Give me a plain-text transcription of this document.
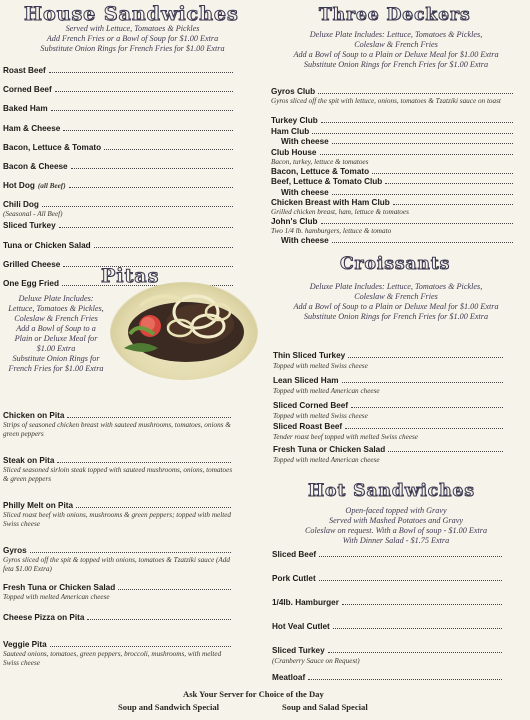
House Sandwiches
Served with Lettuce, Tomatoes & Pickles
Add French Fries or a Bowl of Soup for $1.00 Extra
Substitute Onion Rings for French Fries for $1.00 Extra
Roast Beef
Corned Beef
Baked Ham
Ham & Cheese
Bacon, Lettuce & Tomato
Bacon & Cheese
Hot Dog (all Beef)
Chili Dog
(Seasonal - All Beef)
Sliced Turkey
Tuna or Chicken Salad
Grilled Cheese
One Egg Fried Pitas
Deluxe Plate Includes:
Lettuce, Tomatoes & Pickles,
Coleslaw & French Fries
Add a Bowl of Soup to a
Plain or Deluxe Meal for
$1.00 Extra
Substitute Onion Rings for
French Fries for $1.00 Extra
Chicken on Pita
Strips of seasoned chicken breast with sauteed mushrooms, tomatoes, onions & green peppers
Steak on Pita
Sliced seasoned sirloin steak topped with sauteed mushrooms, onions, tomatoes & green peppers
Philly Melt on Pita
Sliced roast beef with onions, mushrooms & green peppers; topped with melted Swiss cheese
Gyros
Gyros sliced off the spit & topped with onions, tomatoes & Tzatziki sauce (Add feta $1.00 Extra)
Fresh Tuna or Chicken Salad
Topped with melted American cheese
Cheese Pizza on Pita
Veggie Pita
Sauteed onions, tomatoes, green peppers, broccoli, mushrooms, with melted Swiss cheese
Three Deckers
Deluxe Plate Includes: Lettuce, Tomatoes & Pickles,
Coleslaw & French Fries
Add a Bowl of Soup to a Plain or Deluxe Meal for $1.00 Extra
Substitute Onion Rings for French Fries for $1.00 Extra
Gyros Club
Gyros sliced off the spit with lettuce, onions, tomatoes & Tzatziki sauce on toast
Turkey Club
Ham Club
With cheese
Club House
Bacon, turkey, lettuce & tomatoes
Bacon, Lettuce & Tomato
Beef, Lettuce & Tomato Club
With cheese
Chicken Breast with Ham Club
Grilled chicken breast, ham, lettuce & tomatoes
John's Club
Two 1/4 lb. hamburgers, lettuce & tomato
With cheese
Croissants
Deluxe Plate Includes: Lettuce, Tomatoes & Pickles,
Coleslaw & French Fries
Add a Bowl of Soup to a Plain or Deluxe Meal for $1.00 Extra
Substitute Onion Rings for French Fries for $1.00 Extra
Thin Sliced Turkey
Topped with melted Swiss cheese
Lean Sliced Ham
Topped with melted American cheese
Sliced Corned Beef
Topped with melted Swiss cheese
Sliced Roast Beef
Tender roast beef topped with melted Swiss cheese
Fresh Tuna or Chicken Salad
Topped with melted American cheese
Hot Sandwiches
Open-faced topped with Gravy
Served with Mashed Potatoes and Gravy
Coleslaw on request. With a Bowl of soup - $1.00 Extra
With Dinner Salad - $1.75 Extra
Sliced Beef
Pork Cutlet
1/4lb. Hamburger
Hot Veal Cutlet
Sliced Turkey
(Cranberry Sauce on Request)
Meatloaf
Ask Your Server for Choice of the Day
Soup and Sandwich Special	Soup and Salad Special
